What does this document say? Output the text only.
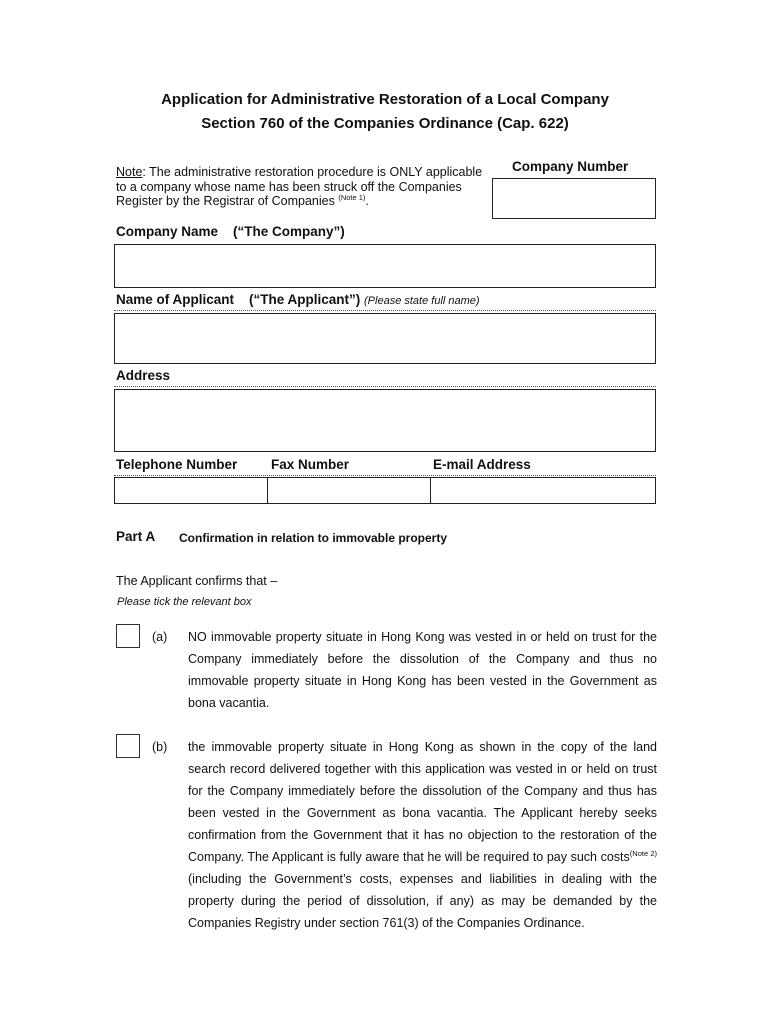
Application for Administrative Restoration of a Local Company
Section 760 of the Companies Ordinance (Cap. 622)
Note: The administrative restoration procedure is ONLY applicable to a company whose name has been struck off the Companies Register by the Registrar of Companies $^{(Note 1)}$.
Company Number
Company Name    (“The Company”)
Name of Applicant    (“The Applicant”) (Please state full name)
Address
Telephone Number Fax Number	E-mail Address
Part A Confirmation in relation to immovable property
The Applicant confirms that –
Please tick the relevant box
(a) NO immovable property situate in Hong Kong was vested in or held on trust for the Company immediately before the dissolution of the Company and thus no immovable property situate in Hong Kong has been vested in the Government as bona vacantia.
(b) the immovable property situate in Hong Kong as shown in the copy of the land search record delivered together with this application was vested in or held on trust for the Company immediately before the dissolution of the Company and thus has been vested in the Government as bona vacantia. The Applicant hereby seeks confirmation from the Government that it has no objection to the restoration of the Company. The Applicant is fully aware that he will be required to pay such costs$^{(Note 2)}$ (including the Government’s costs, expenses and liabilities in dealing with the property during the period of dissolution, if any) as may be demanded by the Companies Registry under section 761(3) of the Companies Ordinance.
